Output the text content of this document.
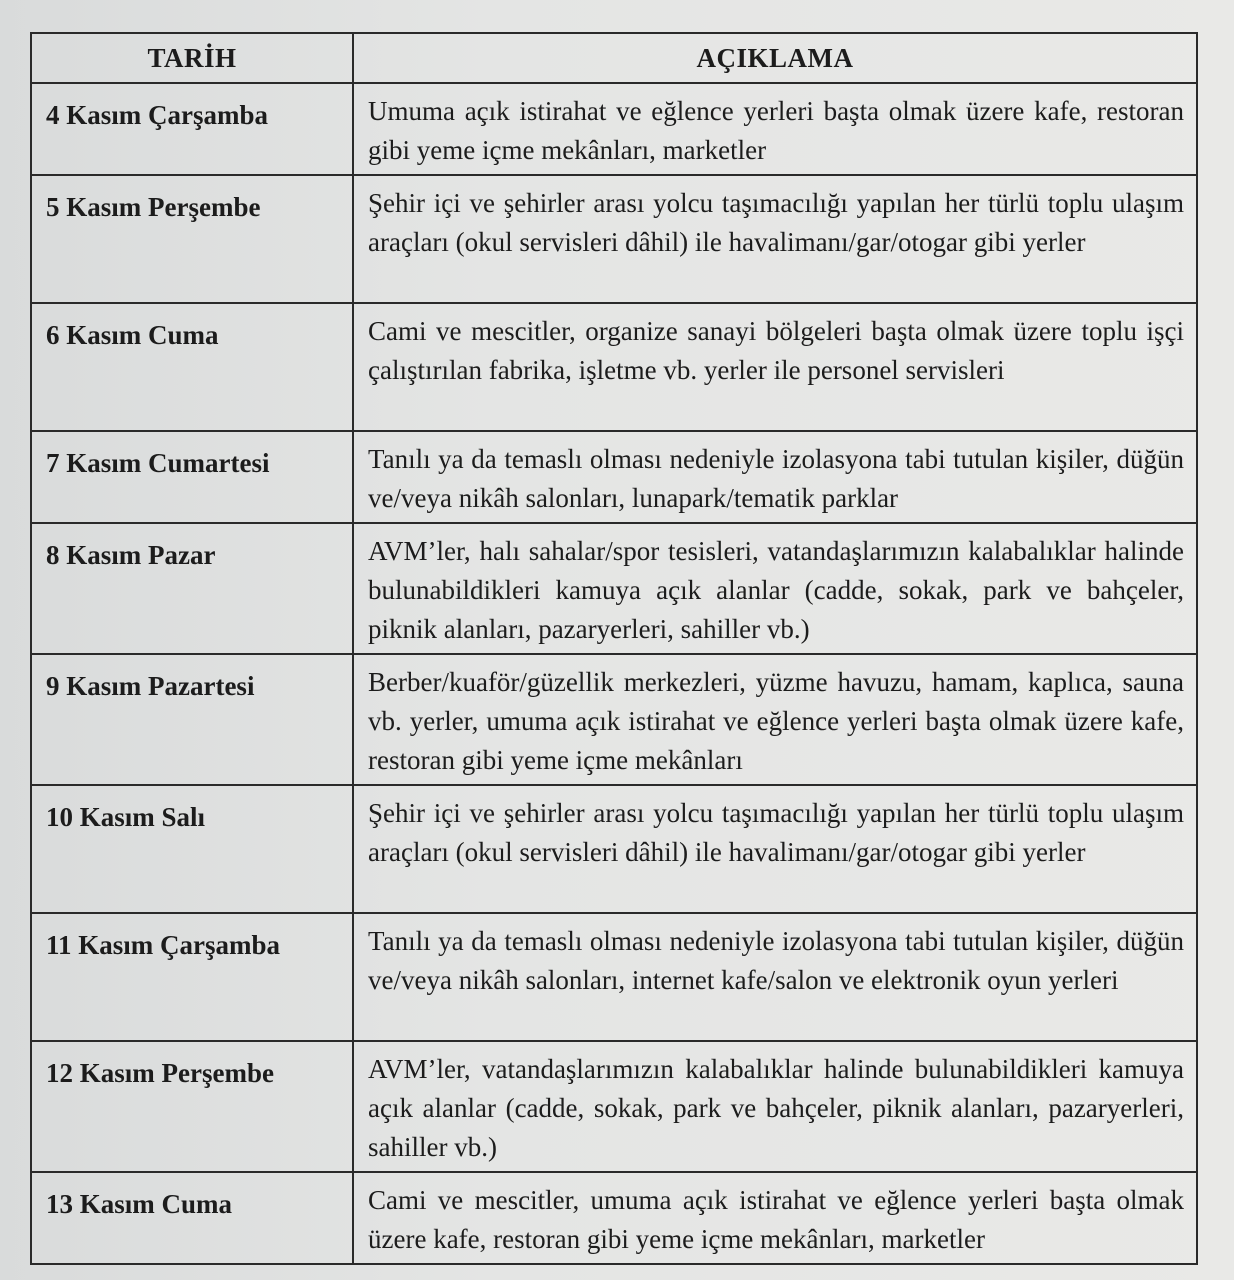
TARİH	AÇIKLAMA
4 Kasım Çarşamba	Umuma açık istirahat ve eğlence yerleri başta olmak üzere kafe, restoran gibi yeme içme mekânları, marketler
5 Kasım Perşembe	Şehir içi ve şehirler arası yolcu taşımacılığı yapılan her türlü toplu ulaşım araçları (okul servisleri dâhil) ile havalimanı/gar/otogar gibi yerler
6 Kasım Cuma	Cami ve mescitler, organize sanayi bölgeleri başta olmak üzere toplu işçi çalıştırılan fabrika, işletme vb. yerler ile personel servisleri
7 Kasım Cumartesi	Tanılı ya da temaslı olması nedeniyle izolasyona tabi tutulan kişiler, düğün ve/veya nikâh salonları, lunapark/tematik parklar
8 Kasım Pazar	AVM’ler, halı sahalar/spor tesisleri, vatandaşlarımızın kalabalıklar halinde bulunabildikleri kamuya açık alanlar (cadde, sokak, park ve bahçeler, piknik alanları, pazaryerleri, sahiller vb.)
9 Kasım Pazartesi	Berber/kuaför/güzellik merkezleri, yüzme havuzu, hamam, kaplıca, sauna vb. yerler, umuma açık istirahat ve eğlence yerleri başta olmak üzere kafe, restoran gibi yeme içme mekânları
10 Kasım Salı	Şehir içi ve şehirler arası yolcu taşımacılığı yapılan her türlü toplu ulaşım araçları (okul servisleri dâhil) ile havalimanı/gar/otogar gibi yerler
11 Kasım Çarşamba	Tanılı ya da temaslı olması nedeniyle izolasyona tabi tutulan kişiler, düğün ve/veya nikâh salonları, internet kafe/salon ve elektronik oyun yerleri
12 Kasım Perşembe	AVM’ler, vatandaşlarımızın kalabalıklar halinde bulunabildikleri kamuya açık alanlar (cadde, sokak, park ve bahçeler, piknik alanları, pazaryerleri, sahiller vb.)
13 Kasım Cuma	Cami ve mescitler, umuma açık istirahat ve eğlence yerleri başta olmak üzere kafe, restoran gibi yeme içme mekânları, marketler
